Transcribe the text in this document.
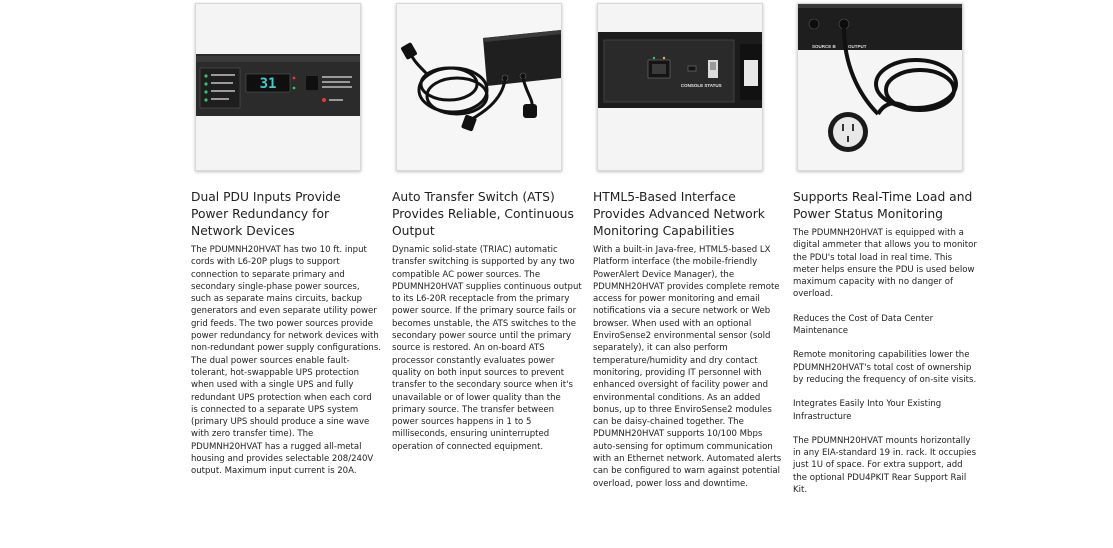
31
Dual PDU Inputs Provide Power Redundancy for Network Devices
The PDUMNH20HVAT has two 10 ft. input cords with L6-20P plugs to support connection to separate primary and secondary single-phase power sources, such as separate mains circuits, backup generators and even separate utility power grid feeds. The two power sources provide power redundancy for network devices with non-redundant power supply configurations. The dual power sources enable fault-tolerant, hot-swappable UPS protection when used with a single UPS and fully redundant UPS protection when each cord is connected to a separate UPS system (primary UPS should produce a sine wave with zero transfer time). The PDUMNH20HVAT has a rugged all-metal housing and provides selectable 208/240V output. Maximum input current is 20A.
Auto Transfer Switch (ATS) Provides Reliable, Continuous Output
Dynamic solid-state (TRIAC) automatic transfer switching is supported by any two compatible AC power sources. The PDUMNH20HVAT supplies continuous output to its L6-20R receptacle from the primary power source. If the primary source fails or becomes unstable, the ATS switches to the secondary power source until the primary source is restored. An on-board ATS processor constantly evaluates power quality on both input sources to prevent transfer to the secondary source when it's unavailable or of lower quality than the primary source. The transfer between power sources happens in 1 to 5 milliseconds, ensuring uninterrupted operation of connected equipment.
CONSOLE STATUS
HTML5-Based Interface Provides Advanced Network Monitoring Capabilities
With a built-in Java-free, HTML5-based LX Platform interface (the mobile-friendly PowerAlert Device Manager), the PDUMNH20HVAT provides complete remote access for power monitoring and email notifications via a secure network or Web browser. When used with an optional EnviroSense2 environmental sensor (sold separately), it can also perform temperature/humidity and dry contact monitoring, providing IT personnel with enhanced oversight of facility power and environmental conditions. As an added bonus, up to three EnviroSense2 modules can be daisy-chained together. The PDUMNH20HVAT supports 10/100 Mbps auto-sensing for optimum communication with an Ethernet network. Automated alerts can be configured to warn against potential overload, power loss and downtime.
SOURCE B	OUTPUT
Supports Real-Time Load and Power Status Monitoring
The PDUMNH20HVAT is equipped with a digital ammeter that allows you to monitor the PDU's total load in real time. This meter helps ensure the PDU is used below maximum capacity with no danger of overload.
Reduces the Cost of Data Center Maintenance
Remote monitoring capabilities lower the PDUMNH20HVAT's total cost of ownership by reducing the frequency of on-site visits.
Integrates Easily Into Your Existing Infrastructure
The PDUMNH20HVAT mounts horizontally in any EIA-standard 19 in. rack. It occupies just 1U of space. For extra support, add the optional PDU4PKIT Rear Support Rail Kit.
